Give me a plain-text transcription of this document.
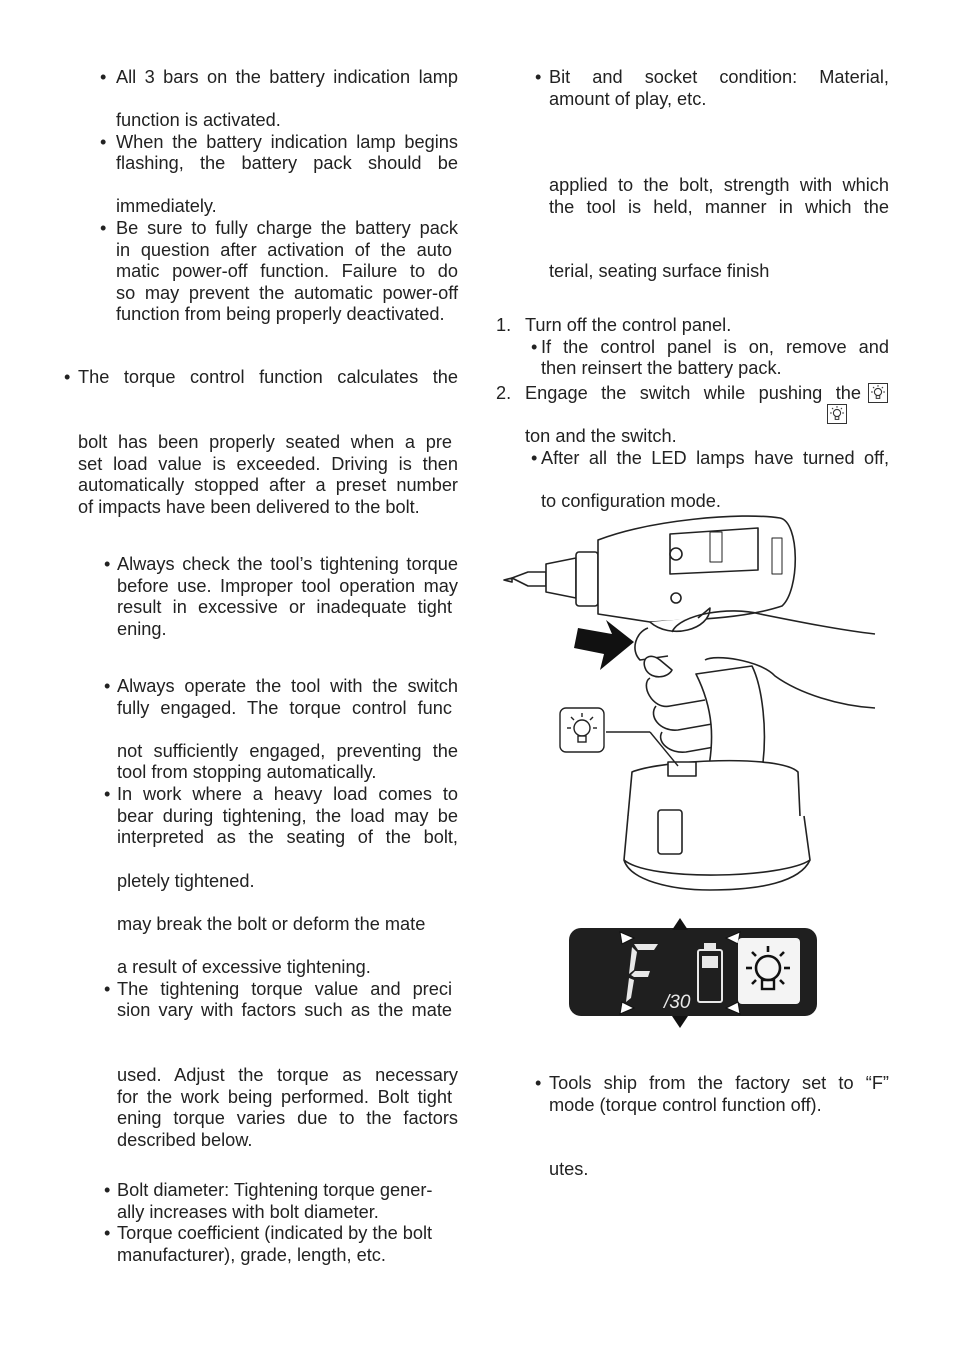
• All 3 bars on the battery indication lamp
function is activated.
• When the battery indication lamp begins
flashing, the battery pack should be
immediately.
• Be sure to fully charge the battery pack
in question after activation of the auto
matic power-off function. Failure to do
so may prevent the automatic power-off
function from being properly deactivated.
• The torque control function calculates the
bolt has been properly seated when a pre
set load value is exceeded. Driving is then
automatically stopped after a preset number
of impacts have been delivered to the bolt.
• Always check the tool’s tightening torque
before use. Improper tool operation may
result in excessive or inadequate tight
ening.
• Always operate the tool with the switch
fully engaged. The torque control func
not sufficiently engaged, preventing the
tool from stopping automatically.
• In work where a heavy load comes to
bear during tightening, the load may be
interpreted as the seating of the bolt,
pletely tightened.
may break the bolt or deform the mate
a result of excessive tightening.
• The tightening torque value and preci
sion vary with factors such as the mate
used. Adjust the torque as necessary
for the work being performed. Bolt tight
ening torque varies due to the factors
described below.
• Bolt diameter: Tightening torque gener-
ally increases with bolt diameter.
• Torque coefficient (indicated by the bolt
manufacturer), grade, length, etc.
• Bit and socket condition: Material,
amount of play, etc.
applied to the bolt, strength with which
the tool is held, manner in which the
terial, seating surface finish
1. Turn off the control panel.
• If the control panel is on, remove and
then reinsert the battery pack.
2. Engage the switch while pushing the
ton and the switch.
• After all the LED lamps have turned off,
to configuration mode.
/30
• Tools ship from the factory set to “F”
mode (torque control function off).
utes.
